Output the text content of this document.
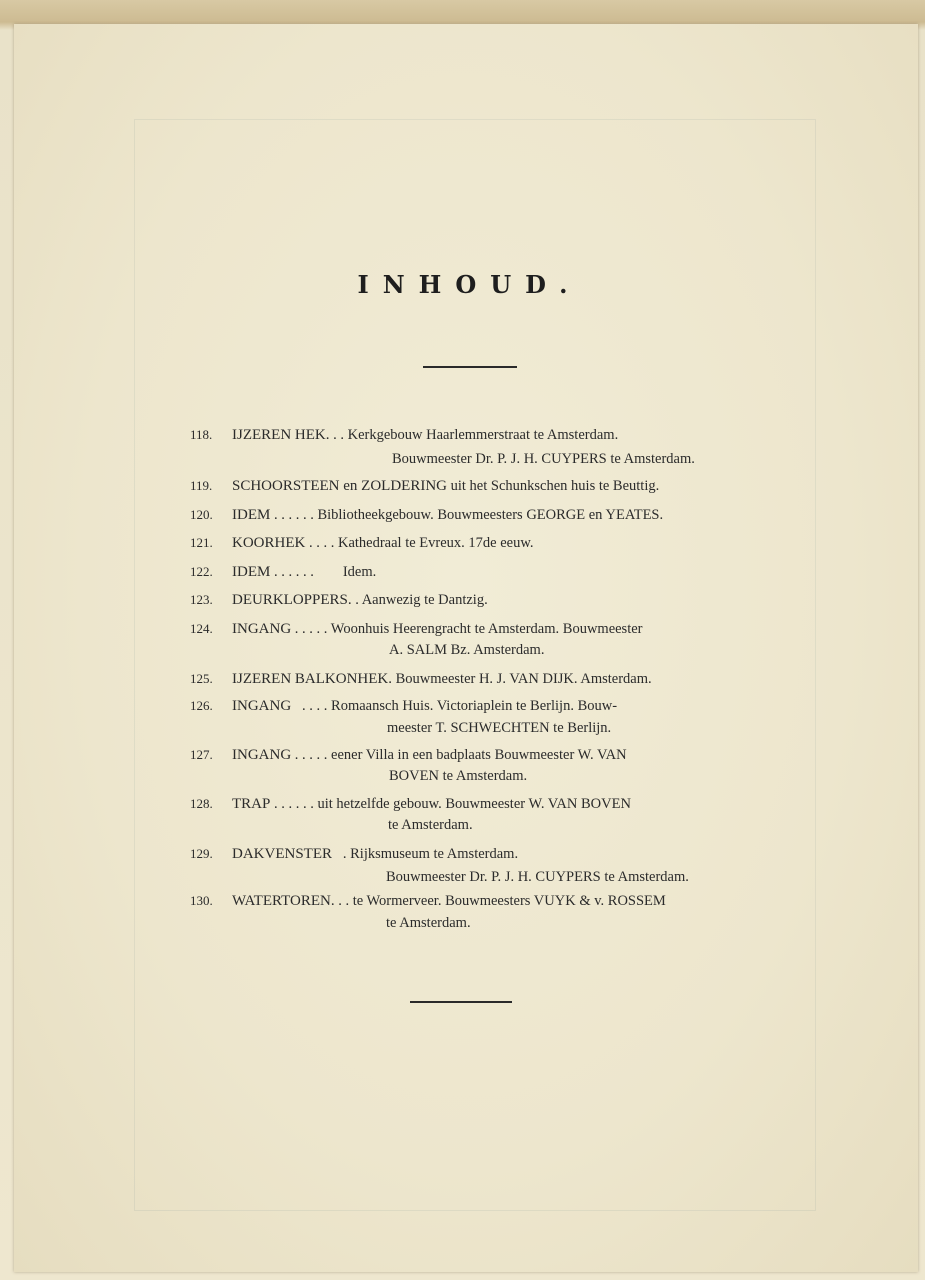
INHOUD.
118. IJZEREN HEK. . . Kerkgebouw Haarlemmerstraat te Amsterdam.
Bouwmeester Dr. P. J. H. CUYPERS te Amsterdam.
119. SCHOORSTEEN en ZOLDERING uit het Schunkschen huis te Beuttig.
120. IDEM . . . . . . Bibliotheekgebouw. Bouwmeesters GEORGE en YEATES.
121. KOORHEK . . . . Kathedraal te Evreux. 17de eeuw.
122. IDEM . . . . . .        Idem.
123. DEURKLOPPERS. . Aanwezig te Dantzig.
124. INGANG . . . . . Woonhuis Heerengracht te Amsterdam. Bouwmeester
A. SALM Bz. Amsterdam.
125. IJZEREN BALKONHEK. Bouwmeester H. J. VAN DIJK. Amsterdam.
126. INGANG   . . . . Romaansch Huis. Victoriaplein te Berlijn. Bouw-
meester T. SCHWECHTEN te Berlijn.
127. INGANG . . . . . eener Villa in een badplaats Bouwmeester W. VAN
BOVEN te Amsterdam.
128. TRAP . . . . . . uit hetzelfde gebouw. Bouwmeester W. VAN BOVEN
te Amsterdam.
129. DAKVENSTER   . Rijksmuseum te Amsterdam.
Bouwmeester Dr. P. J. H. CUYPERS te Amsterdam.
130. WATERTOREN. . . te Wormerveer. Bouwmeesters VUYK & v. ROSSEM
te Amsterdam.
